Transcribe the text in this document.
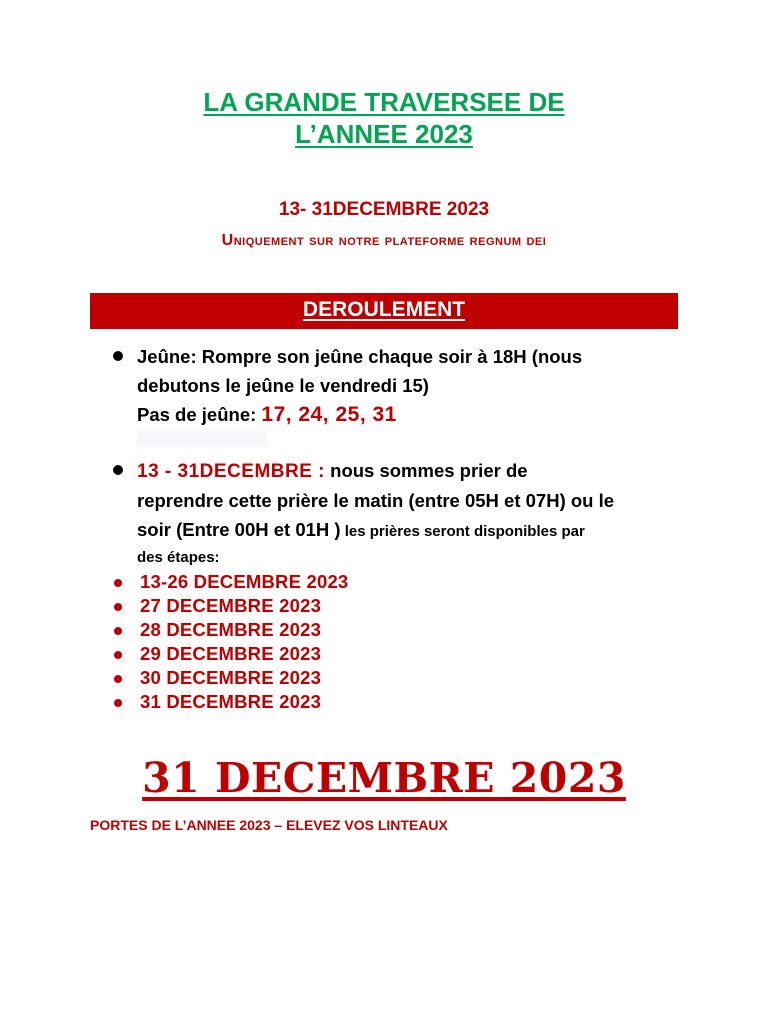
LA GRANDE TRAVERSEE DE
L’ANNEE 2023
13- 31DECEMBRE 2023
Uniquement sur notre plateforme regnum dei
DEROULEMENT
Jeûne: Rompre son jeûne chaque soir à 18H (nous
debutons le jeûne le vendredi 15)
Pas de jeûne: 17, 24, 25, 31
13 - 31DECEMBRE : nous sommes prier de
reprendre cette prière le matin (entre 05H et 07H) ou le
soir (Entre 00H et 01H ) les prières seront disponibles par
des étapes:
13-26 DECEMBRE 2023
27 DECEMBRE 2023
28 DECEMBRE 2023
29 DECEMBRE 2023
30 DECEMBRE 2023
31 DECEMBRE 2023
31 DECEMBRE 2023
PORTES DE L’ANNEE 2023 – ELEVEZ VOS LINTEAUX
